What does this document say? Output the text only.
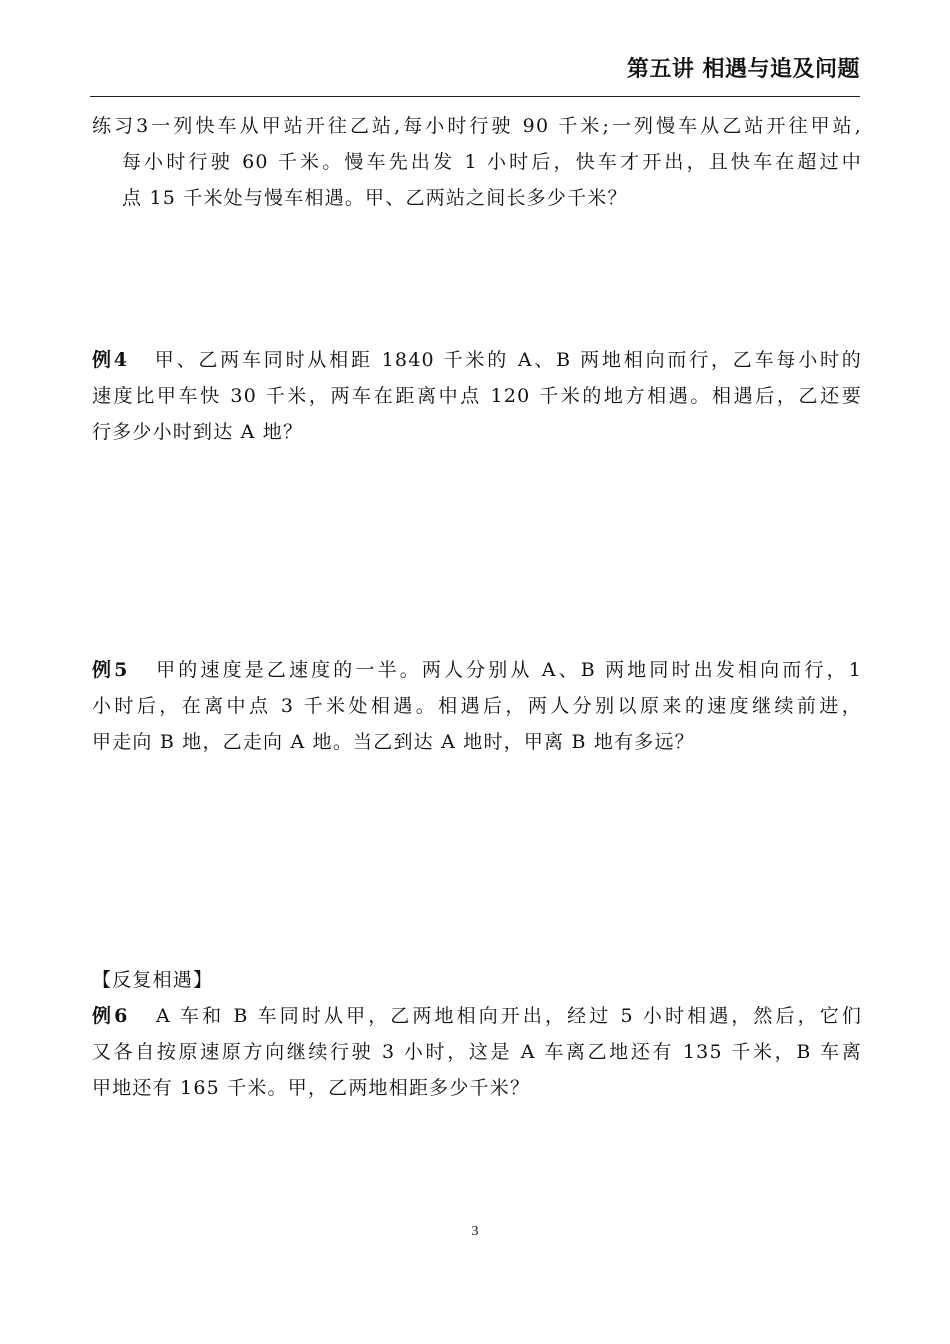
第五讲 相遇与追及问题
练习3一列快车从甲站开往乙站,每小时行驶 90 千米;一列慢车从乙站开往甲站,
每小时行驶 60 千米。慢车先出发 1 小时后，快车才开出，且快车在超过中
点 15 千米处与慢车相遇。甲、乙两站之间长多少千米？
例4 甲、乙两车同时从相距 1840 千米的 A、B 两地相向而行，乙车每小时的
速度比甲车快 30 千米，两车在距离中点 120 千米的地方相遇。相遇后，乙还要
行多少小时到达 A 地？
例5 甲的速度是乙速度的一半。两人分别从 A、B 两地同时出发相向而行，1
小时后，在离中点 3 千米处相遇。相遇后，两人分别以原来的速度继续前进，
甲走向 B 地，乙走向 A 地。当乙到达 A 地时，甲离 B 地有多远？
【反复相遇】
例6 A 车和 B 车同时从甲，乙两地相向开出，经过 5 小时相遇，然后，它们
又各自按原速原方向继续行驶 3 小时，这是 A 车离乙地还有 135 千米，B 车离
甲地还有 165 千米。甲，乙两地相距多少千米？
3
